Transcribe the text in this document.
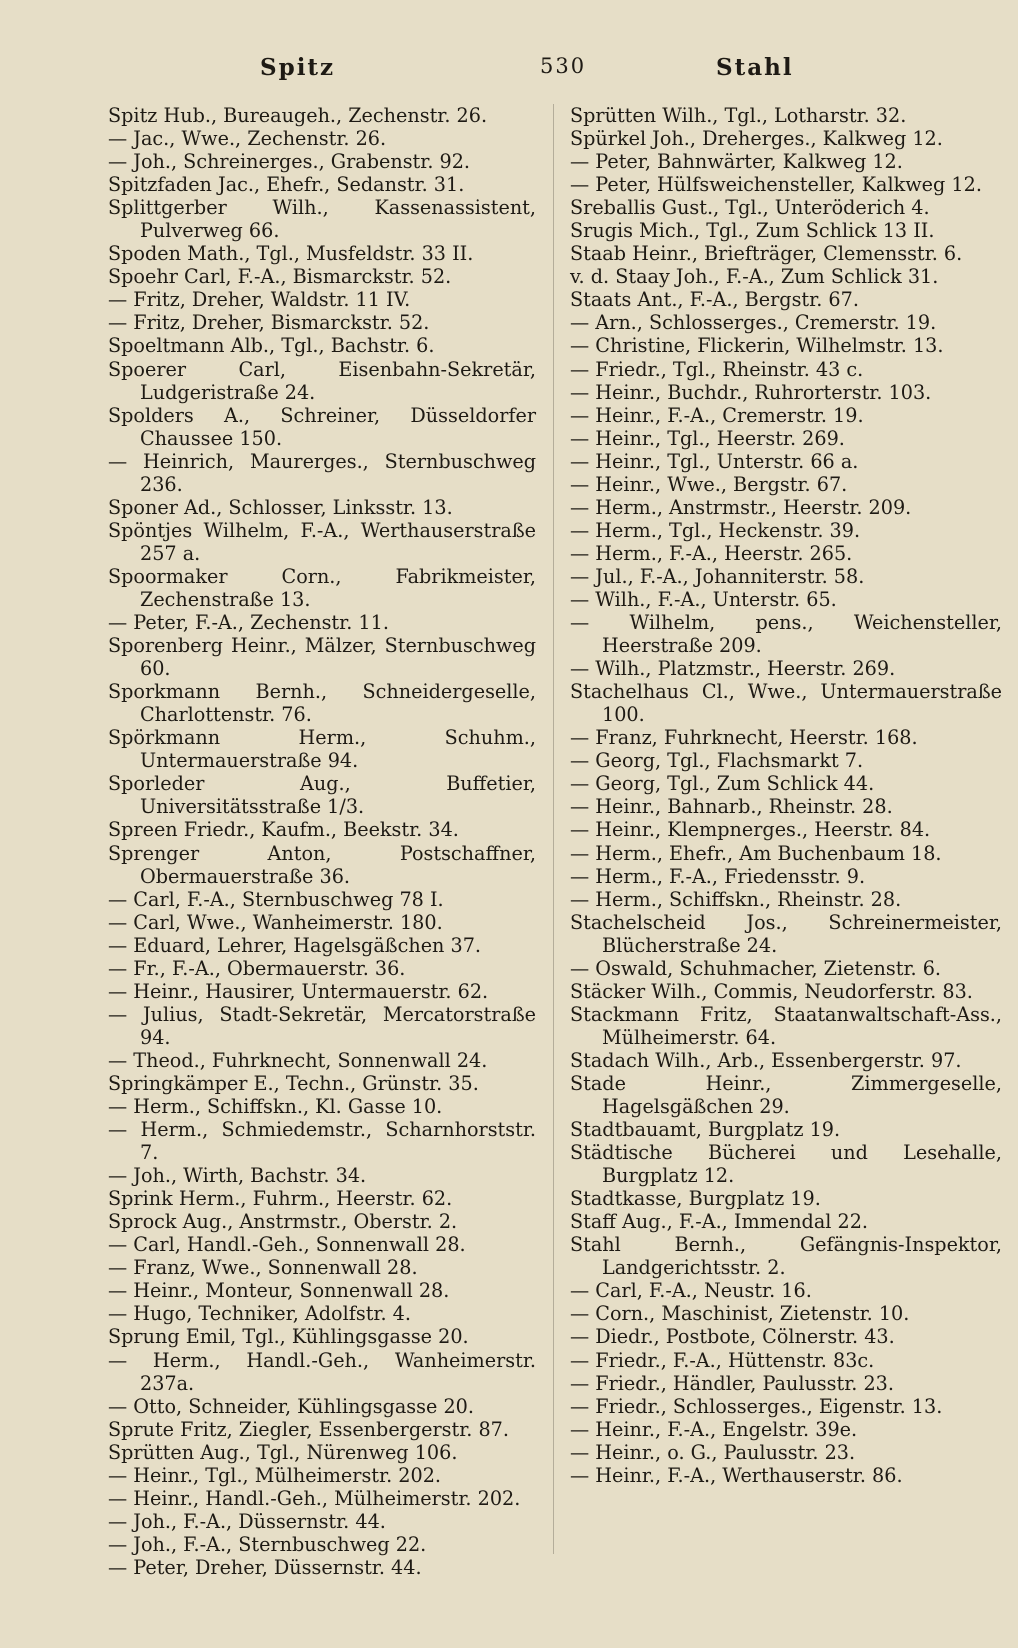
Spitz	530	Stahl

Spitz Hub., Bureaugeh., Zechenstr. 26.

— Jac., Wwe., Zechenstr. 26.

— Joh., Schreinerges., Grabenstr. 92.

Spitzfaden Jac., Ehefr., Sedanstr. 31.

Splittgerber Wilh., Kassenassistent, Pulverweg 66.

Spoden Math., Tgl., Musfeldstr. 33 II.

Spoehr Carl, F.-A., Bismarckstr. 52.

— Fritz, Dreher, Waldstr. 11 IV.

— Fritz, Dreher, Bismarckstr. 52.

Spoeltmann Alb., Tgl., Bachstr. 6.

Spoerer Carl, Eisenbahn-Sekretär, Ludgeristraße 24.

Spolders A., Schreiner, Düsseldorfer Chaussee 150.

— Heinrich, Maurerges., Sternbuschweg 236.

Sponer Ad., Schlosser, Linksstr. 13.

Spöntjes Wilhelm, F.-A., Werthauserstraße 257 a.

Spoormaker Corn., Fabrikmeister, Zechenstraße 13.

— Peter, F.-A., Zechenstr. 11.

Sporenberg Heinr., Mälzer, Sternbuschweg 60.

Sporkmann Bernh., Schneidergeselle, Charlottenstr. 76.

Spörkmann Herm., Schuhm., Untermauerstraße 94.

Sporleder Aug., Buffetier, Universitätsstraße 1/3.

Spreen Friedr., Kaufm., Beekstr. 34.

Sprenger Anton, Postschaffner, Obermauerstraße 36.

— Carl, F.-A., Sternbuschweg 78 I.

— Carl, Wwe., Wanheimerstr. 180.

— Eduard, Lehrer, Hagelsgäßchen 37.

— Fr., F.-A., Obermauerstr. 36.

— Heinr., Hausirer, Untermauerstr. 62.

— Julius, Stadt-Sekretär, Mercatorstraße 94.

— Theod., Fuhrknecht, Sonnenwall 24.

Springkämper E., Techn., Grünstr. 35.

— Herm., Schiffskn., Kl. Gasse 10.

— Herm., Schmiedemstr., Scharnhorststr. 7.

— Joh., Wirth, Bachstr. 34.

Sprink Herm., Fuhrm., Heerstr. 62.

Sprock Aug., Anstrmstr., Oberstr. 2.

— Carl, Handl.-Geh., Sonnenwall 28.

— Franz, Wwe., Sonnenwall 28.

— Heinr., Monteur, Sonnenwall 28.

— Hugo, Techniker, Adolfstr. 4.

Sprung Emil, Tgl., Kühlingsgasse 20.

— Herm., Handl.-Geh., Wanheimerstr. 237a.

— Otto, Schneider, Kühlingsgasse 20.

Sprute Fritz, Ziegler, Essenbergerstr. 87.

Sprütten Aug., Tgl., Nürenweg 106.

— Heinr., Tgl., Mülheimerstr. 202.

— Heinr., Handl.-Geh., Mülheimerstr. 202.

— Joh., F.-A., Düssernstr. 44.

— Joh., F.-A., Sternbuschweg 22.

— Peter, Dreher, Düssernstr. 44.

Sprütten Wilh., Tgl., Lotharstr. 32.

Spürkel Joh., Dreherges., Kalkweg 12.

— Peter, Bahnwärter, Kalkweg 12.

— Peter, Hülfsweichensteller, Kalkweg 12.

Sreballis Gust., Tgl., Unteröderich 4.

Srugis Mich., Tgl., Zum Schlick 13 II.

Staab Heinr., Briefträger, Clemensstr. 6.

v. d. Staay Joh., F.-A., Zum Schlick 31.

Staats Ant., F.-A., Bergstr. 67.

— Arn., Schlosserges., Cremerstr. 19.

— Christine, Flickerin, Wilhelmstr. 13.

— Friedr., Tgl., Rheinstr. 43 c.

— Heinr., Buchdr., Ruhrorterstr. 103.

— Heinr., F.-A., Cremerstr. 19.

— Heinr., Tgl., Heerstr. 269.

— Heinr., Tgl., Unterstr. 66 a.

— Heinr., Wwe., Bergstr. 67.

— Herm., Anstrmstr., Heerstr. 209.

— Herm., Tgl., Heckenstr. 39.

— Herm., F.-A., Heerstr. 265.

— Jul., F.-A., Johanniterstr. 58.

— Wilh., F.-A., Unterstr. 65.

— Wilhelm, pens., Weichensteller, Heerstraße 209.

— Wilh., Platzmstr., Heerstr. 269.

Stachelhaus Cl., Wwe., Untermauerstraße 100.

— Franz, Fuhrknecht, Heerstr. 168.

— Georg, Tgl., Flachsmarkt 7.

— Georg, Tgl., Zum Schlick 44.

— Heinr., Bahnarb., Rheinstr. 28.

— Heinr., Klempnerges., Heerstr. 84.

— Herm., Ehefr., Am Buchenbaum 18.

— Herm., F.-A., Friedensstr. 9.

— Herm., Schiffskn., Rheinstr. 28.

Stachelscheid Jos., Schreinermeister, Blücherstraße 24.

— Oswald, Schuhmacher, Zietenstr. 6.

Stäcker Wilh., Commis, Neudorferstr. 83.

Stackmann Fritz, Staatanwaltschaft-Ass., Mülheimerstr. 64.

Stadach Wilh., Arb., Essenbergerstr. 97.

Stade Heinr., Zimmergeselle, Hagelsgäßchen 29.

Stadtbauamt, Burgplatz 19.

Städtische Bücherei und Lesehalle, Burgplatz 12.

Stadtkasse, Burgplatz 19.

Staff Aug., F.-A., Immendal 22.

Stahl Bernh., Gefängnis-Inspektor, Landgerichtsstr. 2.

— Carl, F.-A., Neustr. 16.

— Corn., Maschinist, Zietenstr. 10.

— Diedr., Postbote, Cölnerstr. 43.

— Friedr., F.-A., Hüttenstr. 83c.

— Friedr., Händler, Paulusstr. 23.

— Friedr., Schlosserges., Eigenstr. 13.

— Heinr., F.-A., Engelstr. 39e.

— Heinr., o. G., Paulusstr. 23.

— Heinr., F.-A., Werthauserstr. 86.
